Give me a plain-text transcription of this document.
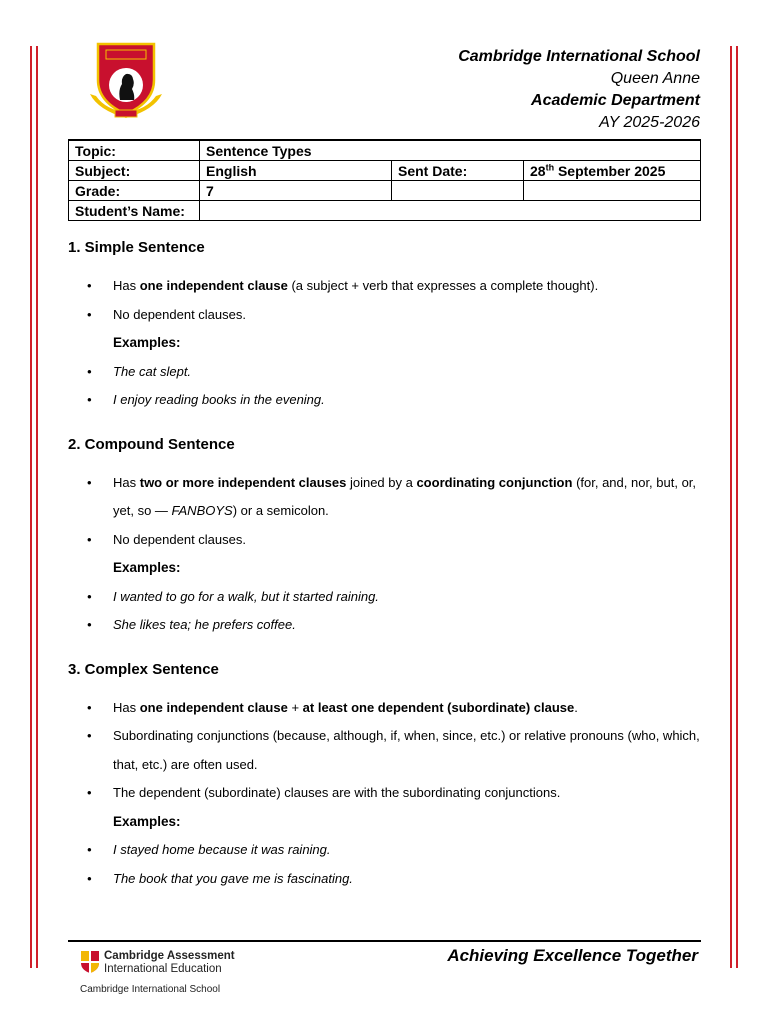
Cambridge International School
Queen Anne
Academic Department
AY 2025-2026
Topic:	Sentence Types		
Subject:	English	Sent Date:	28th September 2025
Grade:	7		
Student’s Name:			
1. Simple Sentence
• Has one independent clause (a subject + verb that expresses a complete thought).
• No dependent clauses.
Examples:
• The cat slept.
• I enjoy reading books in the evening.
2. Compound Sentence
• Has two or more independent clauses joined by a coordinating conjunction (for, and, nor, but, or, yet, so — FANBOYS) or a semicolon.
• No dependent clauses.
Examples:
• I wanted to go for a walk, but it started raining.
• She likes tea; he prefers coffee.
3. Complex Sentence
• Has one independent clause + at least one dependent (subordinate) clause.
• Subordinating conjunctions (because, although, if, when, since, etc.) or relative pronouns (who, which, that, etc.) are often used.
• The dependent (subordinate) clauses are with the subordinating conjunctions.
Examples:
• I stayed home because it was raining.
• The book that you gave me is fascinating.
Cambridge Assessment
International Education
Cambridge International School
Achieving Excellence Together
